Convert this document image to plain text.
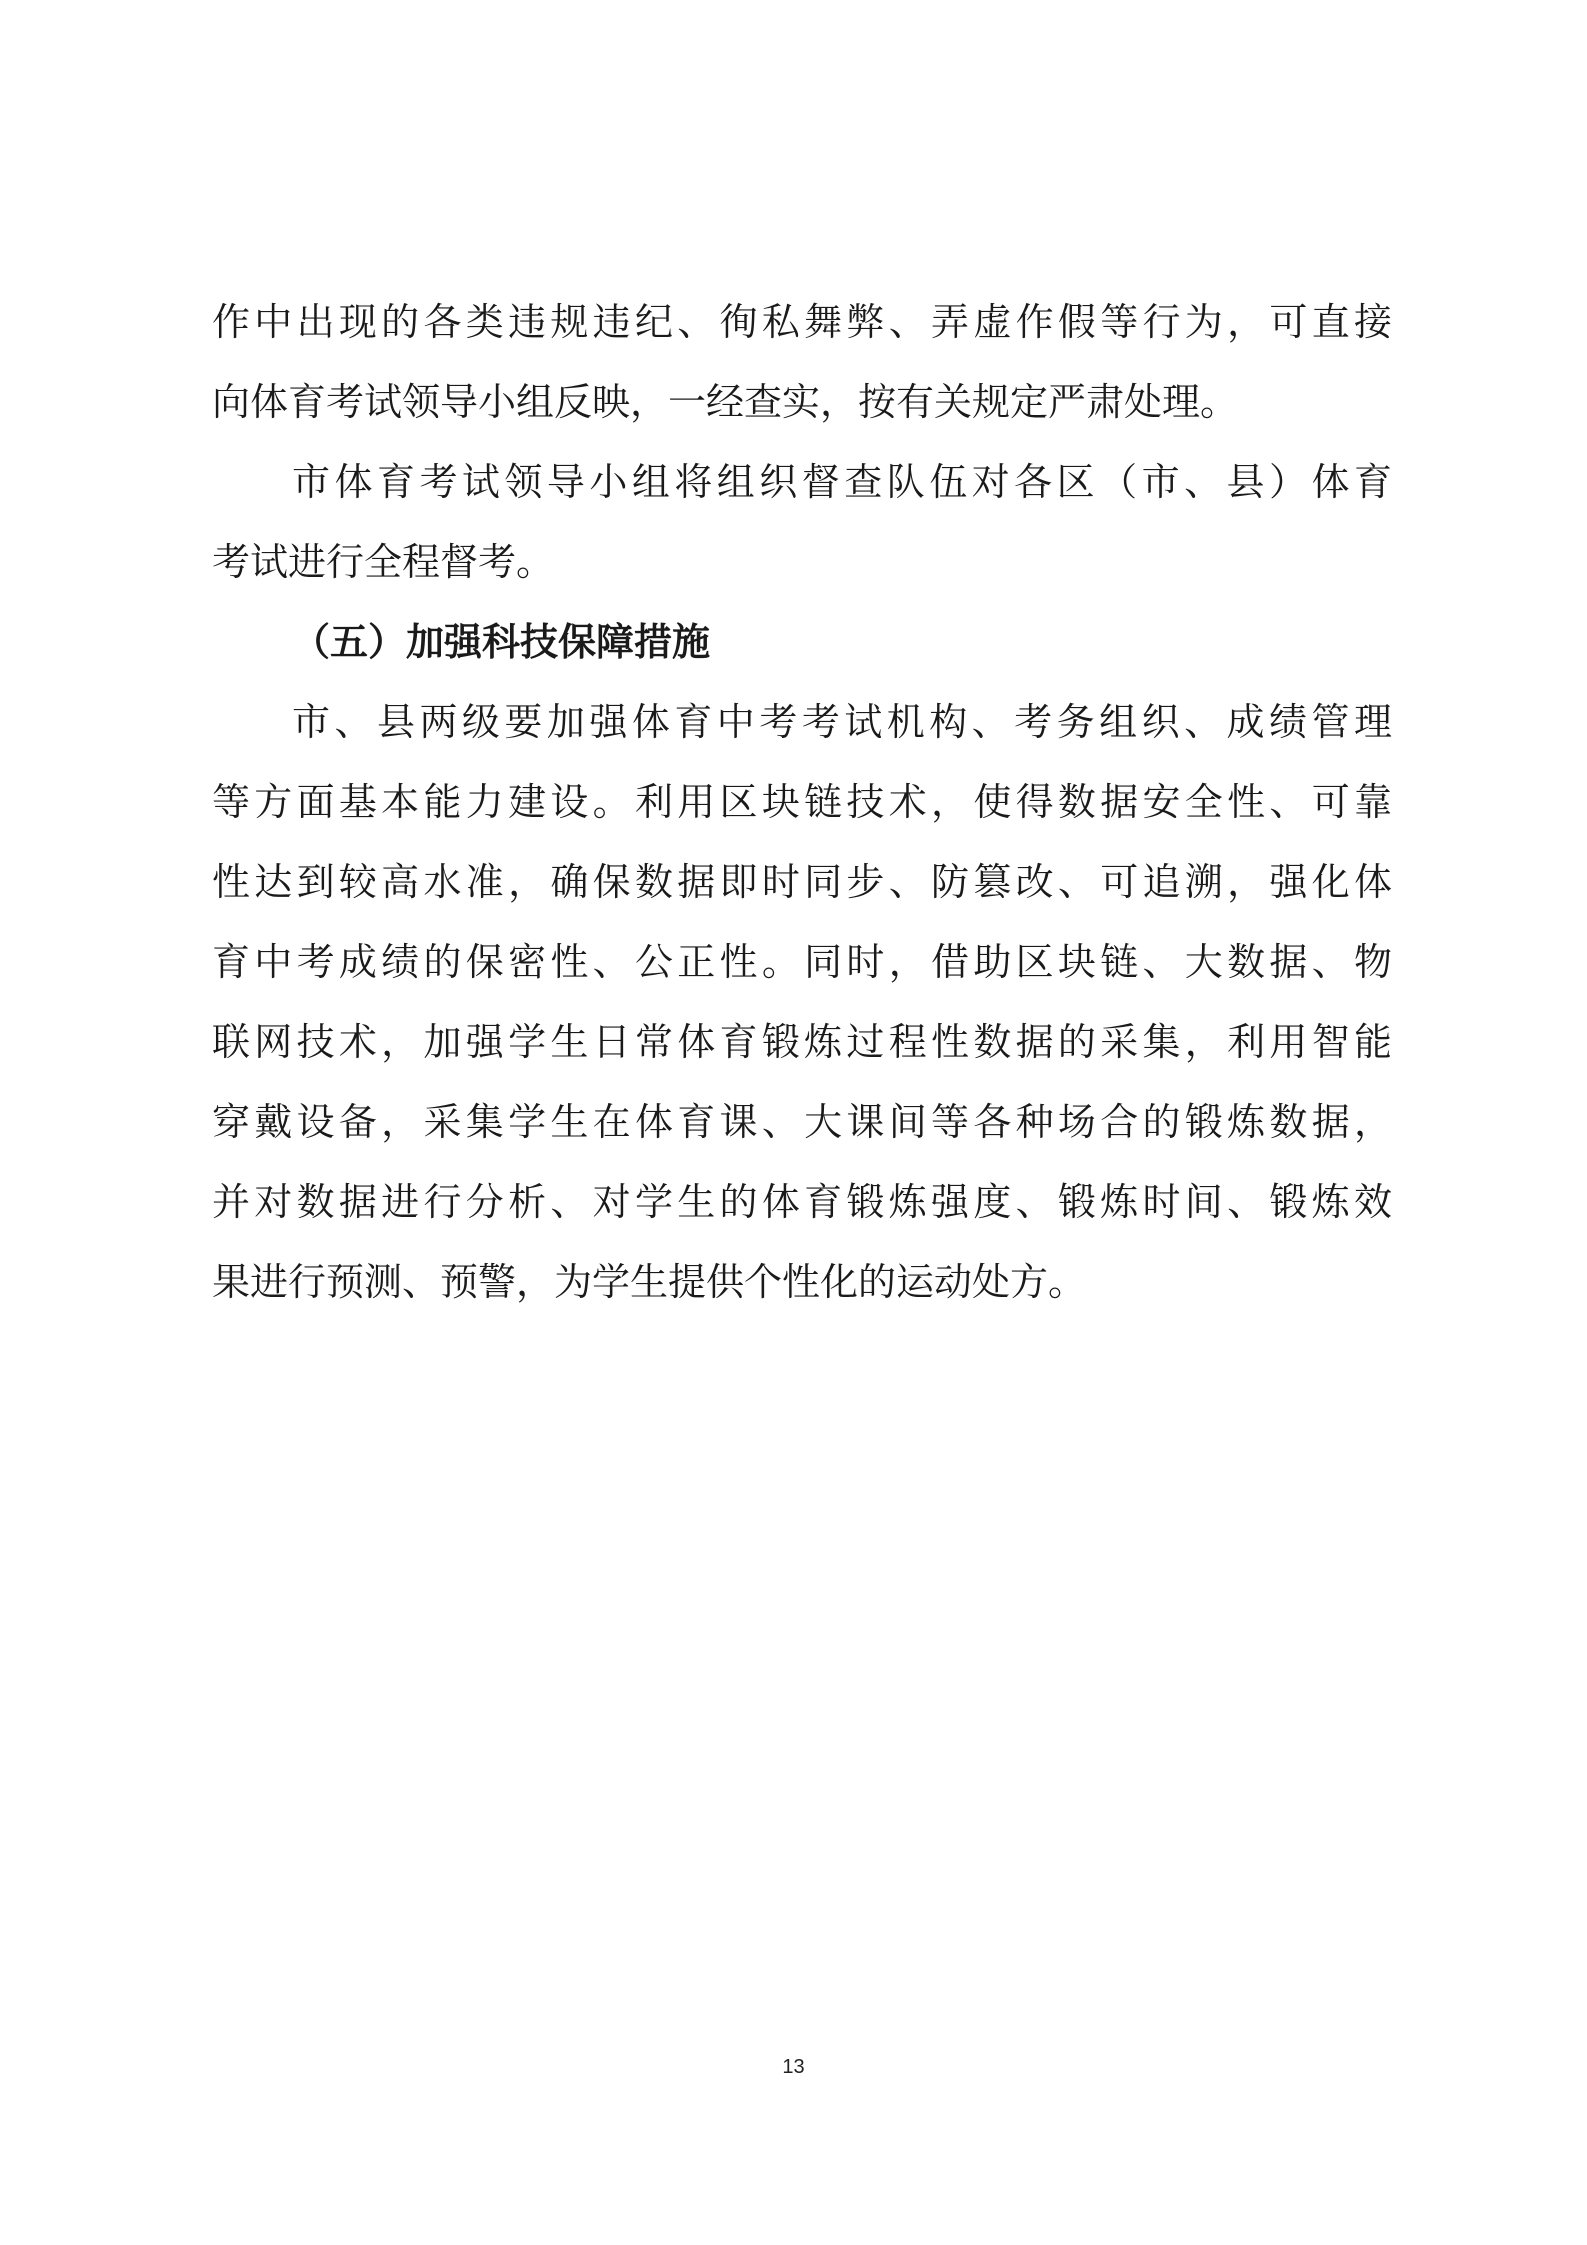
作中出现的各类违规违纪、徇私舞弊、弄虚作假等行为，可直接
向体育考试领导小组反映，一经查实，按有关规定严肃处理。
市体育考试领导小组将组织督查队伍对各区（市、县）体育
考试进行全程督考。
（五）加强科技保障措施
市、县两级要加强体育中考考试机构、考务组织、成绩管理
等方面基本能力建设。利用区块链技术，使得数据安全性、可靠
性达到较高水准，确保数据即时同步、防篡改、可追溯，强化体
育中考成绩的保密性、公正性。同时，借助区块链、大数据、物
联网技术，加强学生日常体育锻炼过程性数据的采集，利用智能
穿戴设备，采集学生在体育课、大课间等各种场合的锻炼数据，
并对数据进行分析、对学生的体育锻炼强度、锻炼时间、锻炼效
果进行预测、预警，为学生提供个性化的运动处方。
13
